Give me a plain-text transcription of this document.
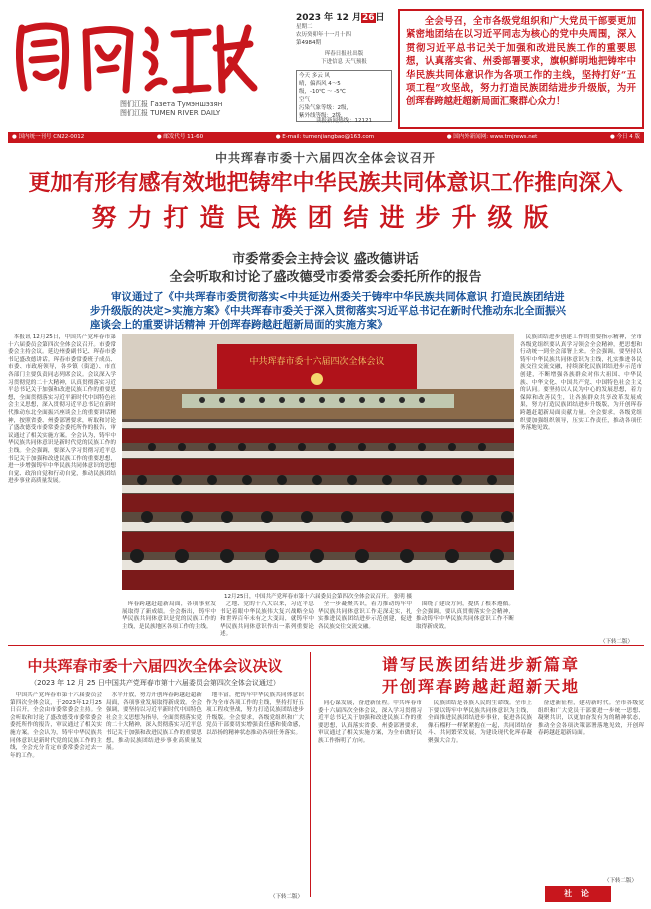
图们江报 Газета Тумэншэзян
图们江报 TUMEN RIVER DAILY
2023 年 12 月26日
星期二
农历癸卯年十一月十四
第4984期
珲春日报社出版
下进信息 天气预报
今天 多云 风
晴，偏西风 4～5
级，-10℃ ～ -5℃
空气
污染气象等级：2级，
紫外线等级：2级，
读报新闻热线：12121
全会号召，全市各级党组织和广大党员干部要更加紧密地团结在以习近平同志为核心的党中央周围，深入贯彻习近平总书记关于加强和改进民族工作的重要思想，认真落实省、州委部署要求，旗帜鲜明地把铸牢中华民族共同体意识作为各项工作的主线，坚持打好“五项工程”攻坚战，努力打造民族团结进步升级版，为开创珲春跨越赶超新局面汇聚群心众力！
● 国内统一刊号 CN22-0012	● 邮发代号 11-60	● E-mail: tumenjiangbao@163.com	● 国内外新闻网: www.tmjrews.net	● 今日 4 版
中共珲春市委十六届四次全体会议召开
更加有形有感有效地把铸牢中华民族共同体意识工作推向深入
努力打造民族团结进步升级版
市委常委会主持会议 盛改德讲话
全会听取和讨论了盛改德受市委常委会委托所作的报告
审议通过了《中共珲春市委贯彻落实<中共延边州委关于铸牢中华民族共同体意识 打造民族团结进步升级版的决定>实施方案》《中共珲春市委关于深入贯彻落实习近平总书记在新时代推动东北全面振兴座谈会上的重要讲话精神 开创珲春跨越赶超新局面的实施方案》
本报讯 12月25日，中国共产党珲春市第十六届委员会第四次全体会议召开。市委常委会主持会议。延边州委副书记、珲春市委书记盛改德讲话。珲春市委常委班子成员、市委、市政府领导，各乡镇（街道）、市直各部门主要负责同志列席会议。会议深入学习贯彻党的二十大精神，认真贯彻落实习近平总书记关于加强和改进民族工作的重要思想，全面贯彻落实习近平新时代中国特色社会主义思想，深入贯彻习近平总书记在新时代推动东北全面振兴座谈会上的重要讲话精神，按照省委、州委部署要求，听取和讨论了盛改德受市委常委会委托所作的报告，审议通过了相关实施方案。全会认为，铸牢中华民族共同体意识是新时代党的民族工作的主线。全会强调，要深入学习贯彻习近平总书记关于加强和改进民族工作的重要思想，进一步增强铸牢中华民族共同体意识的思想自觉、政治自觉和行动自觉，推动民族团结进步事业高质量发展。
中共珲春市委十六届四次全体会议
12月25日，中国共产党珲春市第十六届委员会第四次全体会议召开。 张明 摄
珲春跨越赶超新局面，各项事业发展取得了新成绩。全会指出，铸牢中华民族共同体意识是党的民族工作的主线，是民族地区各项工作的主线。
之地、党的十八大以来，习近平总书记着眼中华民族伟大复兴战略全局和世界百年未有之大变局，就铸牢中华民族共同体意识作出一系列重要论述。
全一步凝聚共识，着力推动铸牢中华民族共同体意识工作走深走实，扎实推进民族团结进步示范创建，促进各民族交往交流交融。
围绕了建设方向，提供了根本遵循。全会强调，要认真贯彻落实全会精神，推动铸牢中华民族共同体意识工作不断取得新成效。
民族团结进步创建工作的重要指示精神，全市各级党组织要认真学习领会全会精神，把思想和行动统一到全会部署上来。全会强调，要坚持以铸牢中华民族共同体意识为主线，扎实推进各民族交往交流交融，持续深化民族团结进步示范市创建，不断增强各族群众对伟大祖国、中华民族、中华文化、中国共产党、中国特色社会主义的认同。要坚持以人民为中心的发展思想，着力保障和改善民生，让各族群众共享改革发展成果，努力打造民族团结进步升级版，为开创珲春跨越赶超新局面贡献力量。全会要求，各级党组织要加强组织领导，压实工作责任，推动各项任务落地见效。
（下转二版）
中共珲春市委十六届四次全体会议决议
（2023 年 12 月 25 日中国共产党珲春市第十六届委员会第四次全体会议通过）
中国共产党珲春市第十六届委员会第四次全体会议，于2023年12月25日召开。全会由市委常委会主持。全会听取和讨论了盛改德受市委常委会委托所作的报告，审议通过了相关实施方案。全会认为，铸牢中华民族共同体意识是新时代党的民族工作的主线，全会充分肯定市委常委会过去一年的工作。
水平开放，努力开创珲春跨越赶超新局面，各项事业发展取得新成效。全会强调，要坚持以习近平新时代中国特色社会主义思想为指导，全面贯彻落实党的二十大精神，深入贯彻落实习近平总书记关于加强和改进民族工作的重要思想，推动民族团结进步事业高质量发展。
地丰富，把铸牢中华民族共同体意识作为全市各项工作的主线，坚持打好五项工程攻坚战，努力打造民族团结进步升级版。全会要求，各级党组织和广大党员干部要切实增强责任感和使命感，以昂扬的精神状态推动各项任务落实。
（下转二版）
谱写民族团结进步新篇章
开创珲春跨越赶超新天地
同心谋发展，奋进新征程。中共珲春市委十六届四次全体会议，深入学习贯彻习近平总书记关于加强和改进民族工作的重要思想，认真落实省委、州委部署要求，审议通过了相关实施方案，为全市做好民族工作指明了方向。
民族团结是各族人民的生命线。全市上下要以铸牢中华民族共同体意识为主线，全面推进民族团结进步事业，促进各民族像石榴籽一样紧紧抱在一起，共同团结奋斗、共同繁荣发展，为建设现代化珲春凝聚强大合力。
奋进新征程，建功新时代。全市各级党组织和广大党员干部要进一步统一思想、凝聚共识，以更加奋发有为的精神状态，推动全会各项决策部署落地见效，开创珲春跨越赶超新局面。
（下转二版）
社 论
